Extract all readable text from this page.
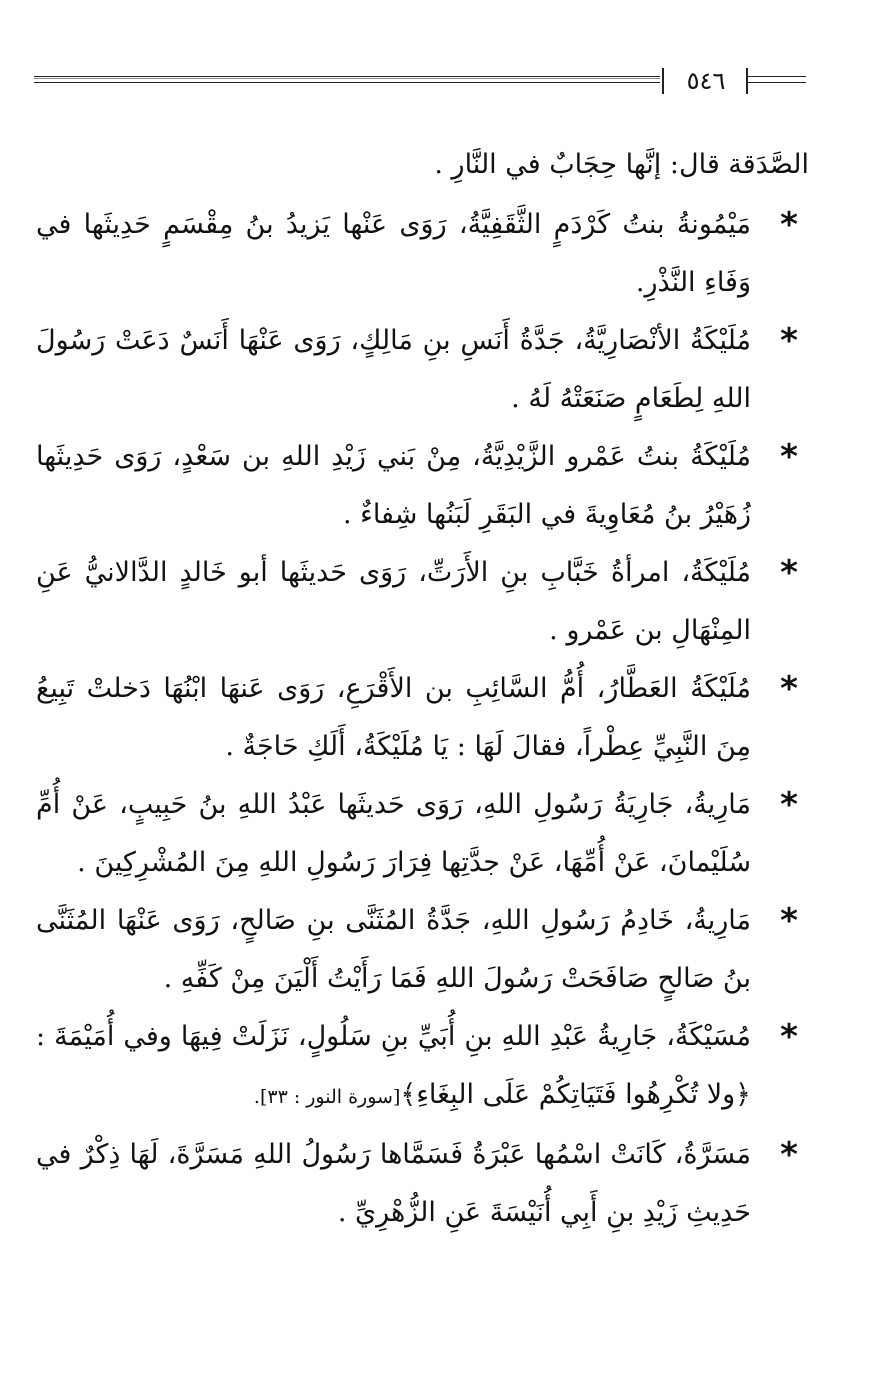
٥٤٦

الصَّدَقة قال: إنَّها حِجَابٌ في النَّارِ .

*
مَيْمُونةُ بنتُ كَرْدَمٍ الثَّقَفِيَّةُ، رَوَى عَنْها يَزيدُ بنُ مِقْسَمٍ حَدِيثَها في وَفَاءِ النَّذْرِ.
*
مُلَيْكَةُ الأنْصَارِيَّةُ، جَدَّةُ أَنَسِ بنِ مَالِكٍ، رَوَى عَنْهَا أَنَسٌ دَعَتْ رَسُولَ اللهِ لِطَعَامٍ صَنَعَتْهُ لَهُ .
*
مُلَيْكَةُ بنتُ عَمْرو الزَّيْدِيَّةُ، مِنْ بَني زَيْدِ اللهِ بن سَعْدٍ، رَوَى حَدِيثَها زُهَيْرُ بنُ مُعَاوِيةَ في البَقَرِ لَبَنُها شِفاءٌ .
*
مُلَيْكَةُ، امرأةُ خَبَّابِ بنِ الأَرَتِّ، رَوَى حَديثَها أبو خَالدٍ الدَّالانيُّ عَنِ المِنْهَالِ بن عَمْرو .
*
مُلَيْكَةُ العَطَّارُ، أُمُّ السَّائِبِ بن الأَقْرَعِ، رَوَى عَنهَا ابْنُهَا دَخلتْ تَبِيعُ مِنَ النَّبِيِّ عِطْراً، فقالَ لَهَا : يَا مُلَيْكَةُ، أَلَكِ حَاجَةٌ .
*
مَارِيةُ، جَارِيَةُ رَسُولِ اللهِ، رَوَى حَديثَها عَبْدُ اللهِ بنُ حَبِيبٍ، عَنْ أُمِّ سُلَيْمانَ، عَنْ أُمِّهَا، عَنْ جدَّتِها فِرَارَ رَسُولِ اللهِ مِنَ المُشْرِكِينَ .
*
مَارِيةُ، خَادِمُ رَسُولِ اللهِ، جَدَّةُ المُثَنَّى بنِ صَالحٍ، رَوَى عَنْهَا المُثَنَّى بنُ صَالحٍ صَافَحَتْ رَسُولَ اللهِ فَمَا رَأَيْتُ أَلْيَنَ مِنْ كَفِّهِ .
*
مُسَيْكَةُ، جَارِيةُ عَبْدِ اللهِ بنِ أُبَيِّ بنِ سَلُولٍ، نَزَلَتْ فِيهَا وفي أُمَيْمَةَ : ﴿ولا تُكْرِهُوا فَتَيَاتِكُمْ عَلَى البِغَاءِ﴾[سورة النور : ٣٣].
*
مَسَرَّةُ، كَانَتْ اسْمُها عَبْرَةُ فَسَمَّاها رَسُولُ اللهِ مَسَرَّةَ، لَهَا ذِكْرٌ في حَدِيثِ زَيْدِ بنِ أَبِي أُنَيْسَةَ عَنِ الزُّهْرِيِّ .
